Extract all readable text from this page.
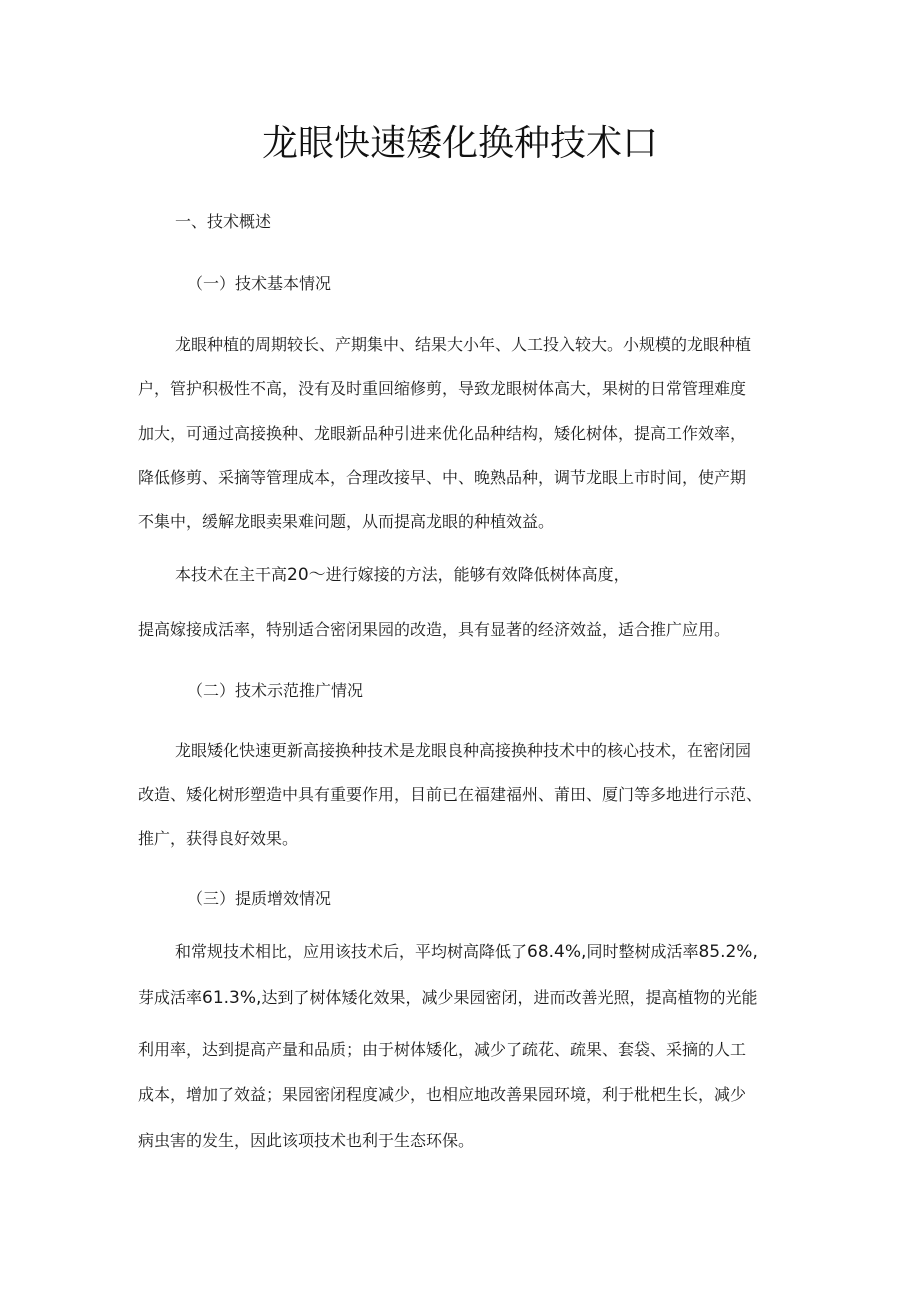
龙眼快速矮化换种技术口
一、技术概述
（一）技术基本情况
龙眼种植的周期较长、产期集中、结果大小年、人工投入较大。小规模的龙眼种植
户，管护积极性不高，没有及时重回缩修剪，导致龙眼树体高大，果树的日常管理难度
加大，可通过高接换种、龙眼新品种引进来优化品种结构，矮化树体，提高工作效率，
降低修剪、采摘等管理成本，合理改接早、中、晚熟品种，调节龙眼上市时间，使产期
不集中，缓解龙眼卖果难问题，从而提高龙眼的种植效益。
本技术在主干高20〜进行嫁接的方法，能够有效降低树体高度，
提高嫁接成活率，特别适合密闭果园的改造，具有显著的经济效益，适合推广应用。
（二）技术示范推广情况
龙眼矮化快速更新高接换种技术是龙眼良种高接换种技术中的核心技术，在密闭园
改造、矮化树形塑造中具有重要作用，目前已在福建福州、莆田、厦门等多地进行示范、
推广，获得良好效果。
（三）提质增效情况
和常规技术相比，应用该技术后，平均树高降低了68.4%,同时整树成活率85.2%,
芽成活率61.3%,达到了树体矮化效果，减少果园密闭，进而改善光照，提高植物的光能
利用率，达到提高产量和品质；由于树体矮化，减少了疏花、疏果、套袋、采摘的人工
成本，增加了效益；果园密闭程度减少，也相应地改善果园环境，利于枇杷生长，减少
病虫害的发生，因此该项技术也利于生态环保。
